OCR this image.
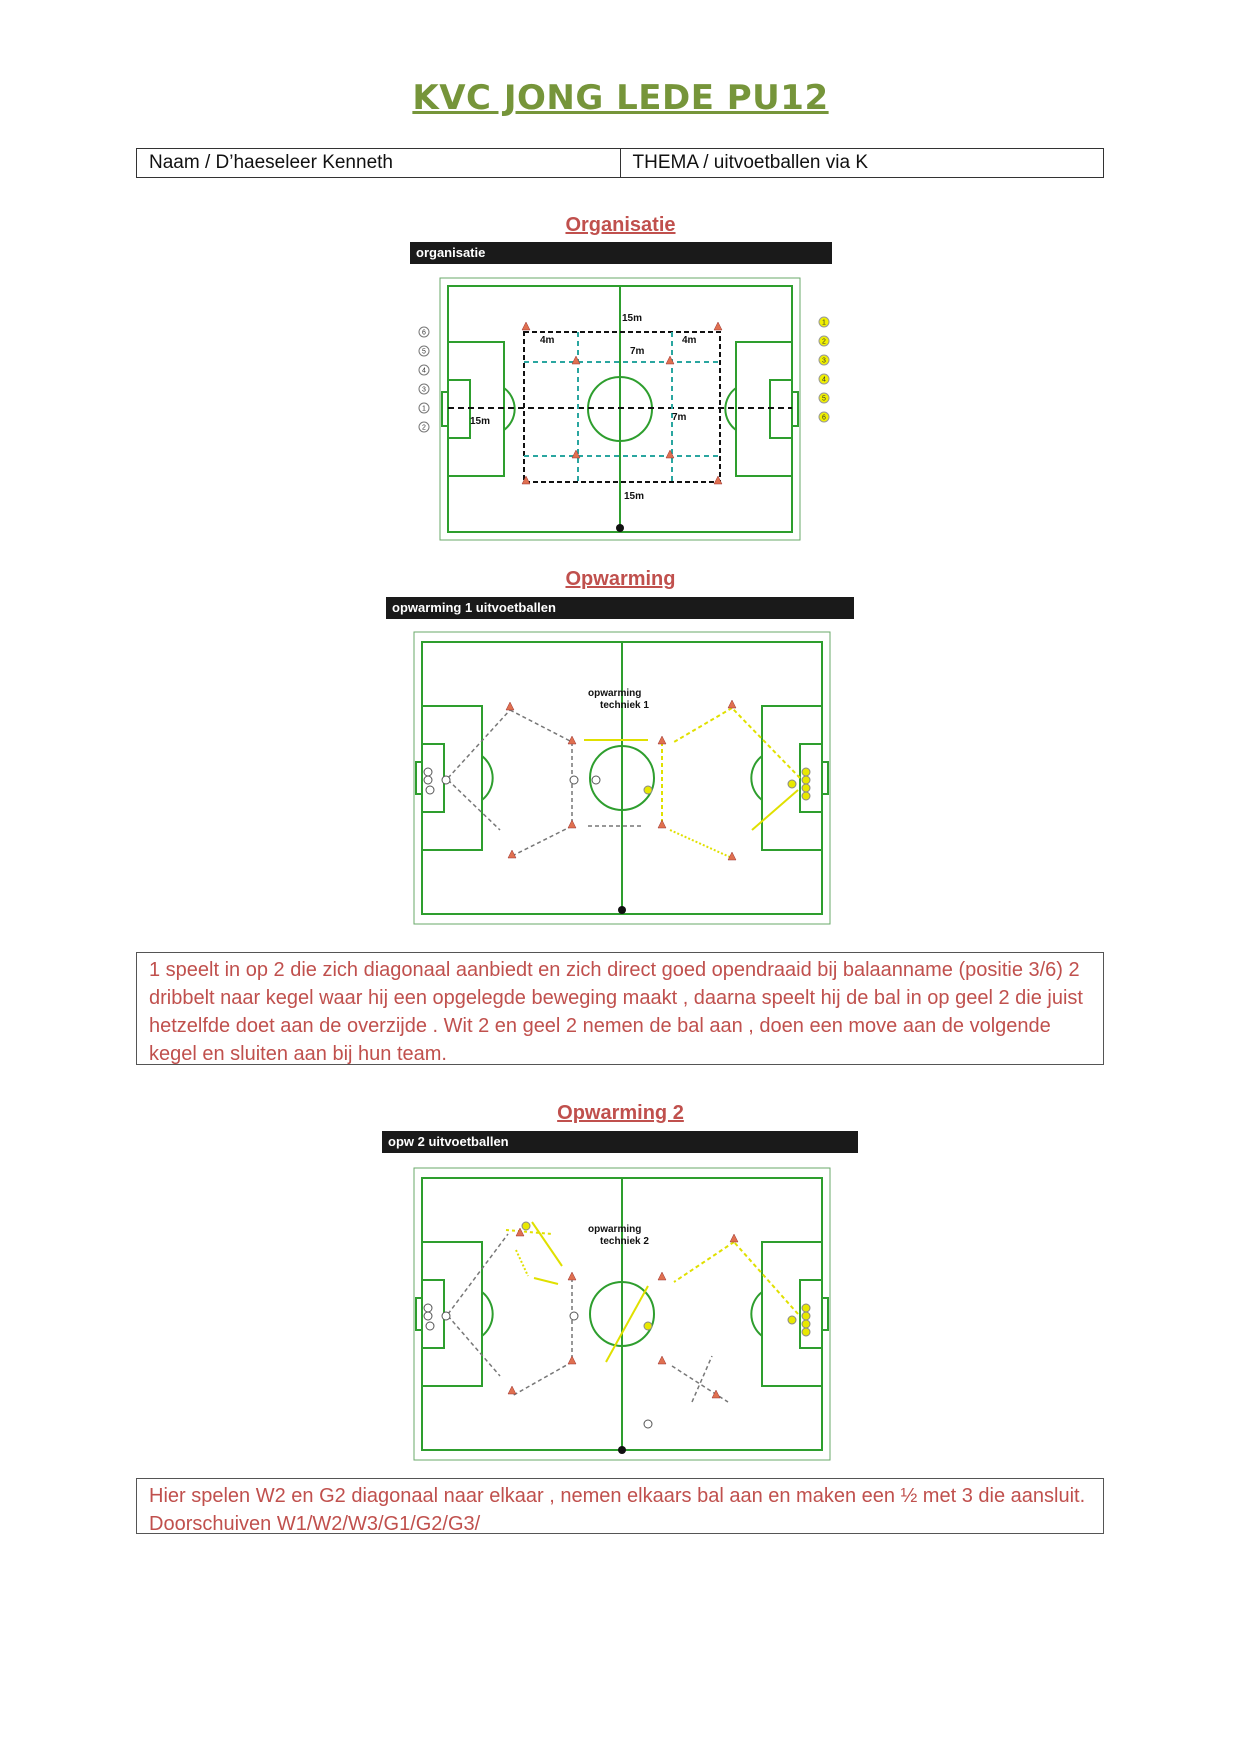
KVC JONG LEDE PU12
Naam / D’haeseleer Kenneth	THEMA / uitvoetballen via K
Organisatie
organisatie
15m
4m	4m
7m
7m
15m
15m
6
5
4
3
1
2
1
2
3
4
5
6
Opwarming
opwarming 1 uitvoetballen
opwarming
techniek 1
1 speelt in op 2 die zich diagonaal aanbiedt en zich direct goed opendraaid bij balaanname (positie 3/6) 2 dribbelt naar kegel waar hij een opgelegde beweging maakt , daarna speelt hij de bal in op geel 2 die juist hetzelfde doet aan de overzijde . Wit 2 en geel 2 nemen de bal aan , doen een move aan de volgende kegel en sluiten aan bij hun team.
Opwarming 2
opw 2 uitvoetballen
opwarming
techniek 2
Hier spelen W2 en G2 diagonaal naar elkaar , nemen elkaars bal aan en maken een ½ met 3 die aansluit. Doorschuiven W1/W2/W3/G1/G2/G3/
